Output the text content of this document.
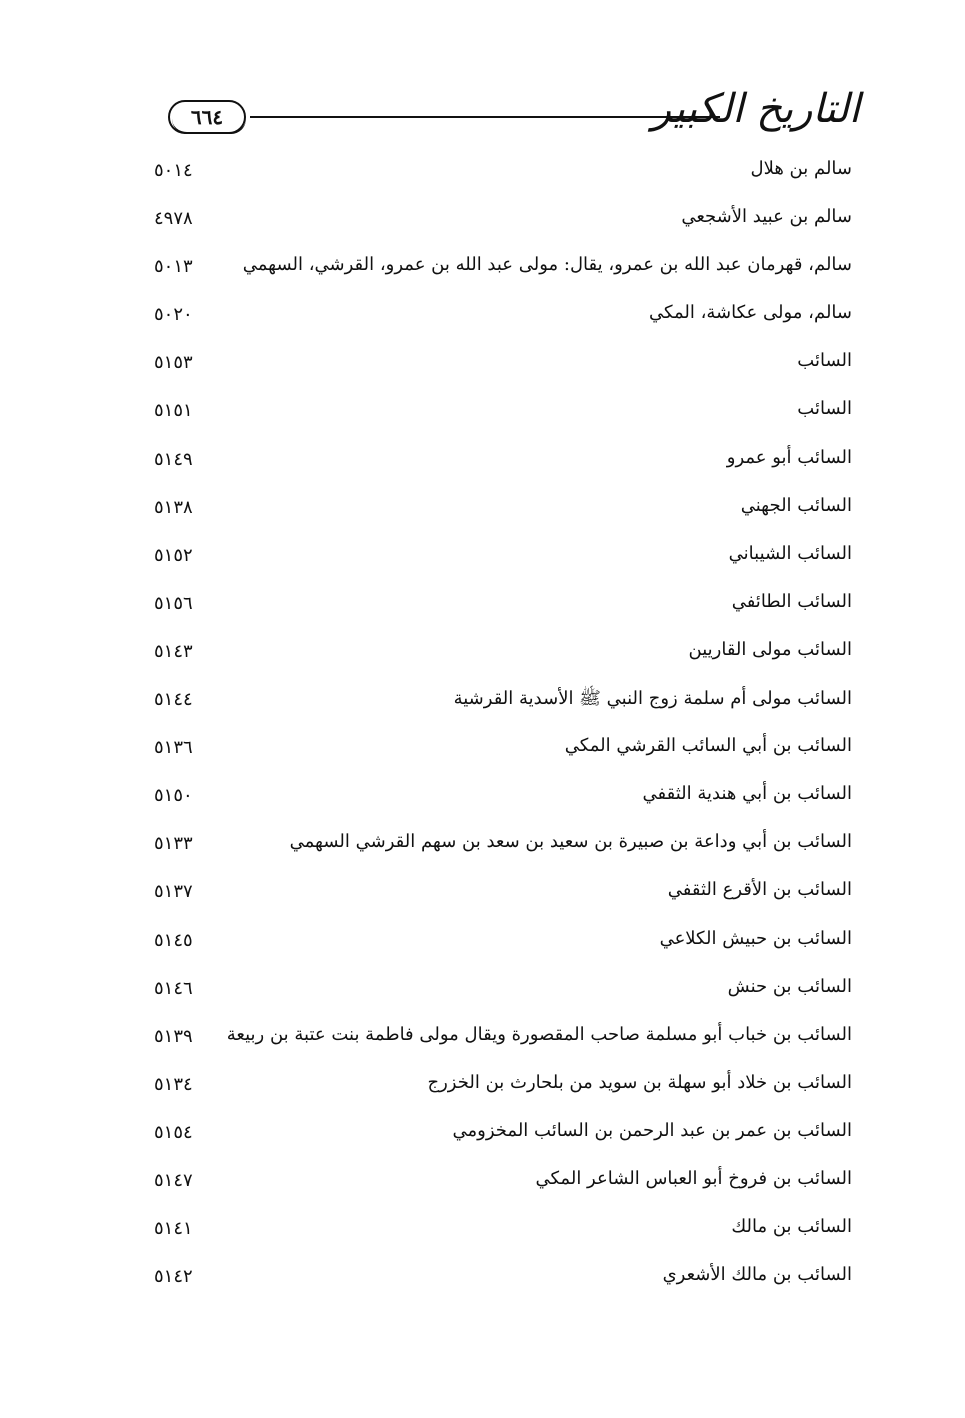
٦٦٤	التاريخ الكبير
سالم بن هلال
٥٠١٤
سالم بن عبيد الأشجعي
٤٩٧٨
سالم، قهرمان عبد الله بن عمرو، يقال: مولى عبد الله بن عمرو، القرشي، السهمي
٥٠١٣
سالم، مولى عكاشة، المكي
٥٠٢٠
السائب
٥١٥٣
السائب
٥١٥١
السائب أبو عمرو
٥١٤٩
السائب الجهني
٥١٣٨
السائب الشيباني
٥١٥٢
السائب الطائفي
٥١٥٦
السائب مولى القاريين
٥١٤٣
السائب مولى أم سلمة زوج النبي ﷺ الأسدية القرشية
٥١٤٤
السائب بن أبي السائب القرشي المكي
٥١٣٦
السائب بن أبي هندية الثقفي
٥١٥٠
السائب بن أبي وداعة بن صبيرة بن سعيد بن سعد بن سهم القرشي السهمي
٥١٣٣
السائب بن الأقرع الثقفي
٥١٣٧
السائب بن حبيش الكلاعي
٥١٤٥
السائب بن حنش
٥١٤٦
السائب بن خباب أبو مسلمة صاحب المقصورة ويقال مولى فاطمة بنت عتبة بن ربيعة
٥١٣٩
السائب بن خلاد أبو سهلة بن سويد من بلحارث بن الخزرج
٥١٣٤
السائب بن عمر بن عبد الرحمن بن السائب المخزومي
٥١٥٤
السائب بن فروخ أبو العباس الشاعر المكي
٥١٤٧
السائب بن مالك
٥١٤١
السائب بن مالك الأشعري
٥١٤٢
